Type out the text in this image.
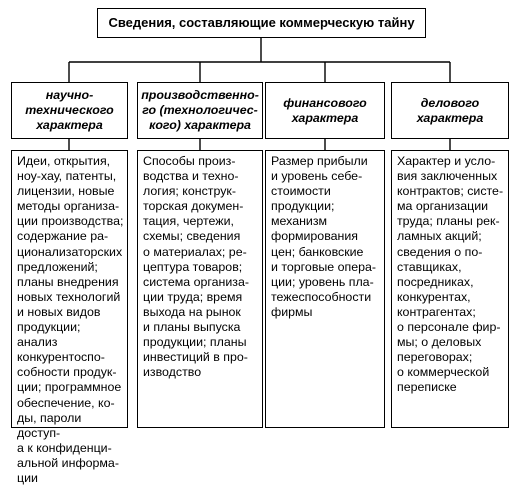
Сведения, составляющие коммерческую тайну
научно-
технического
характера
производственно-
го (технологичес-
кого) характера
финансового
характера
делового
характера
Идеи, открытия,
ноу-хау, патенты,
лицензии, новые
методы организа-
ции производства;
содержание ра-
ционализаторских
предложений;
планы внедрения
новых технологий
и новых видов
продукции; анализ
конкурентоспо-
собности продук-
ции; программное
обеспечение, ко-
ды, пароли доступ-
а к конфиденци-
альной информа-
ции
Способы произ-
водства и техно-
логия; конструк-
торская докумен-
тация, чертежи,
схемы; сведения
о материалах; ре-
цептура товаров;
система организа-
ции труда; время
выхода на рынок
и планы выпуска
продукции; планы
инвестиций в про-
изводство
Размер прибыли
и уровень себе-
стоимости продукции;
механизм
формирования
цен; банковские
и торговые опера-
ции; уровень пла-
тежеспособности
фирмы
Характер и усло-
вия заключенных
контрактов; систе-
ма организации
труда; планы рек-
ламных акций;
сведения о по-
ставщиках,
посредниках,
конкурентах,
контрагентах;
о персонале фир-
мы; о деловых
переговорах;
о коммерческой
переписке
